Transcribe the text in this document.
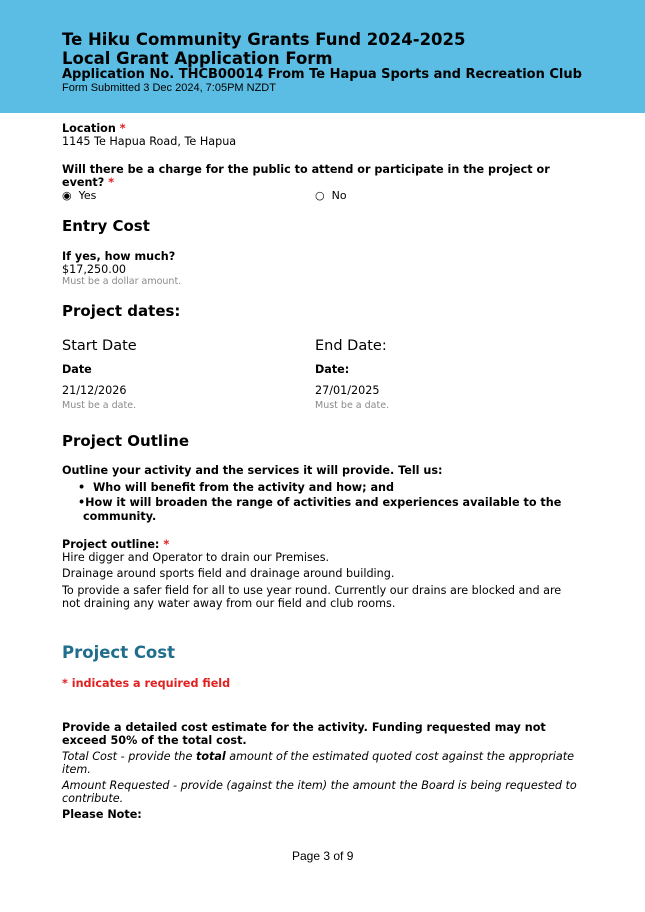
Te Hiku Community Grants Fund 2024-2025
Local Grant Application Form
Application No. THCB00014 From Te Hapua Sports and Recreation Club
Form Submitted 3 Dec 2024, 7:05PM NZDT
Location *
1145 Te Hapua Road, Te Hapua
Will there be a charge for the public to attend or participate in the project or
event? *
◉ Yes	○ No
Entry Cost
If yes, how much?
$17,250.00
Must be a dollar amount.
Project dates:
Start Date
Date
21/12/2026
Must be a date.
End Date:
Date:
27/01/2025
Must be a date.
Project Outline
Outline your activity and the services it will provide. Tell us:
• Who will benefit from the activity and how; and
•How it will broaden the range of activities and experiences available to the
community.
Project outline: *
Hire digger and Operator to drain our Premises.
Drainage around sports field and drainage around building.
To provide a safer field for all to use year round. Currently our drains are blocked and are
not draining any water away from our field and club rooms.
Project Cost
* indicates a required field
Provide a detailed cost estimate for the activity. Funding requested may not
exceed 50% of the total cost.
Total Cost - provide the total amount of the estimated quoted cost against the appropriate
item.
Amount Requested - provide (against the item) the amount the Board is being requested to
contribute.
Please Note:
Page 3 of 9
